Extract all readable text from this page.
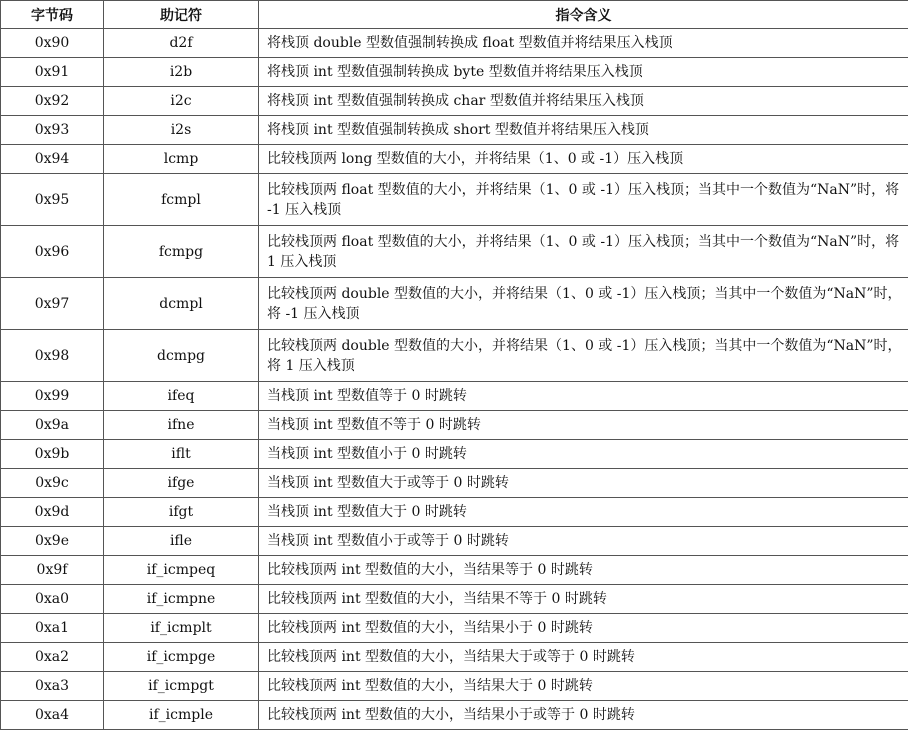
字节码	助记符	指令含义
0x90	d2f	将栈顶 double 型数值强制转换成 float 型数值并将结果压入栈顶
0x91	i2b	将栈顶 int 型数值强制转换成 byte 型数值并将结果压入栈顶
0x92	i2c	将栈顶 int 型数值强制转换成 char 型数值并将结果压入栈顶
0x93	i2s	将栈顶 int 型数值强制转换成 short 型数值并将结果压入栈顶
0x94	lcmp	比较栈顶两 long 型数值的大小，并将结果（1、0 或 -1）压入栈顶
0x95	fcmpl	比较栈顶两 float 型数值的大小，并将结果（1、0 或 -1）压入栈顶；当其中一个数值为“NaN”时，将 -1 压入栈顶
0x96	fcmpg	比较栈顶两 float 型数值的大小，并将结果（1、0 或 -1）压入栈顶；当其中一个数值为“NaN”时，将 1 压入栈顶
0x97	dcmpl	比较栈顶两 double 型数值的大小，并将结果（1、0 或 -1）压入栈顶；当其中一个数值为“NaN”时，将 -1 压入栈顶
0x98	dcmpg	比较栈顶两 double 型数值的大小，并将结果（1、0 或 -1）压入栈顶；当其中一个数值为“NaN”时，将 1 压入栈顶
0x99	ifeq	当栈顶 int 型数值等于 0 时跳转
0x9a	ifne	当栈顶 int 型数值不等于 0 时跳转
0x9b	iflt	当栈顶 int 型数值小于 0 时跳转
0x9c	ifge	当栈顶 int 型数值大于或等于 0 时跳转
0x9d	ifgt	当栈顶 int 型数值大于 0 时跳转
0x9e	ifle	当栈顶 int 型数值小于或等于 0 时跳转
0x9f	if_icmpeq	比较栈顶两 int 型数值的大小，当结果等于 0 时跳转
0xa0	if_icmpne	比较栈顶两 int 型数值的大小，当结果不等于 0 时跳转
0xa1	if_icmplt	比较栈顶两 int 型数值的大小，当结果小于 0 时跳转
0xa2	if_icmpge	比较栈顶两 int 型数值的大小，当结果大于或等于 0 时跳转
0xa3	if_icmpgt	比较栈顶两 int 型数值的大小，当结果大于 0 时跳转
0xa4	if_icmple	比较栈顶两 int 型数值的大小，当结果小于或等于 0 时跳转
